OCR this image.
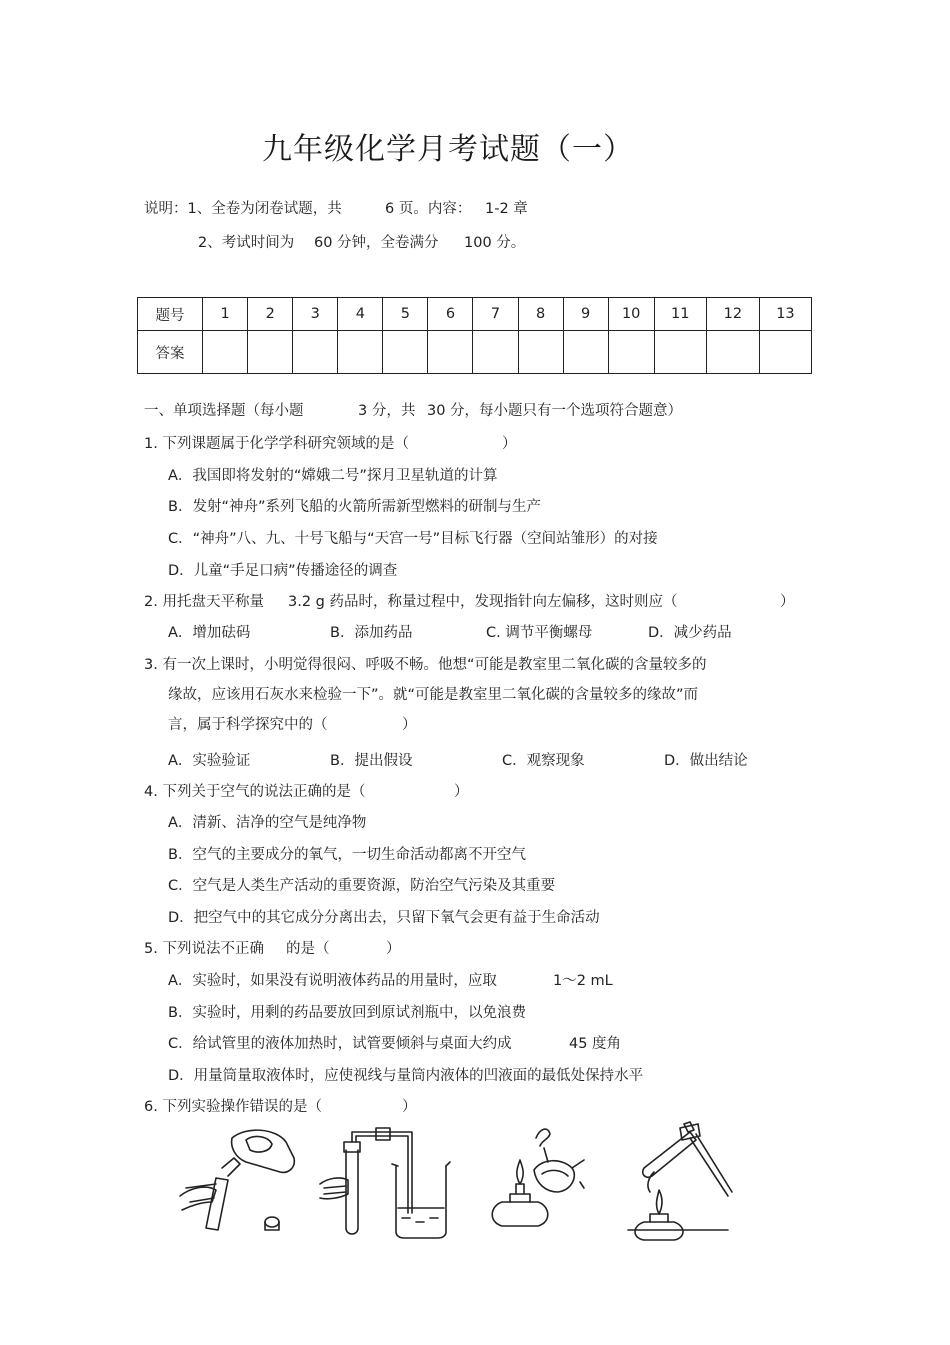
九年级化学月考试题（一）
说明：1、全卷为闭卷试题，共	6 页。内容： 1-2 章
2、考试时间为 60 分钟，全卷满分 100 分。
题号	1	2	3	4	5	6	7	8	9	10	11	12	13
答案													
一、单项选择题（每小题	3 分，共 30 分，每小题只有一个选项符合题意）
1. 下列课题属于化学学科研究领域的是（	）
A．我国即将发射的“嫦娥二号”探月卫星轨道的计算
B．发射“神舟”系列飞船的火箭所需新型燃料的研制与生产
C．“神舟”八、九、十号飞船与“天宫一号”目标飞行器（空间站雏形）的对接
D．儿童“手足口病”传播途径的调查
2. 用托盘天平称量 3.2 g 药品时，称量过程中，发现指针向左偏移，这时则应（	）
A．增加砝码	B．添加药品	C. 调节平衡螺母	D．减少药品
3. 有一次上课时，小明觉得很闷、呼吸不畅。他想“可能是教室里二氧化碳的含量较多的
缘故，应该用石灰水来检验一下”。就“可能是教室里二氧化碳的含量较多的缘故”而
言，属于科学探究中的（	）
A．实验验证	B．提出假设	C．观察现象	D．做出结论
4. 下列关于空气的说法正确的是（	）
A．清新、洁净的空气是纯净物
B．空气的主要成分的氧气，一切生命活动都离不开空气
C．空气是人类生产活动的重要资源，防治空气污染及其重要
D．把空气中的其它成分分离出去，只留下氧气会更有益于生命活动
5. 下列说法不正确 的是（	）
A．实验时，如果没有说明液体药品的用量时，应取	1～2 mL
B．实验时，用剩的药品要放回到原试剂瓶中，以免浪费
C．给试管里的液体加热时，试管要倾斜与桌面大约成	45 度角
D．用量筒量取液体时，应使视线与量筒内液体的凹液面的最低处保持水平
6. 下列实验操作错误的是（	）
